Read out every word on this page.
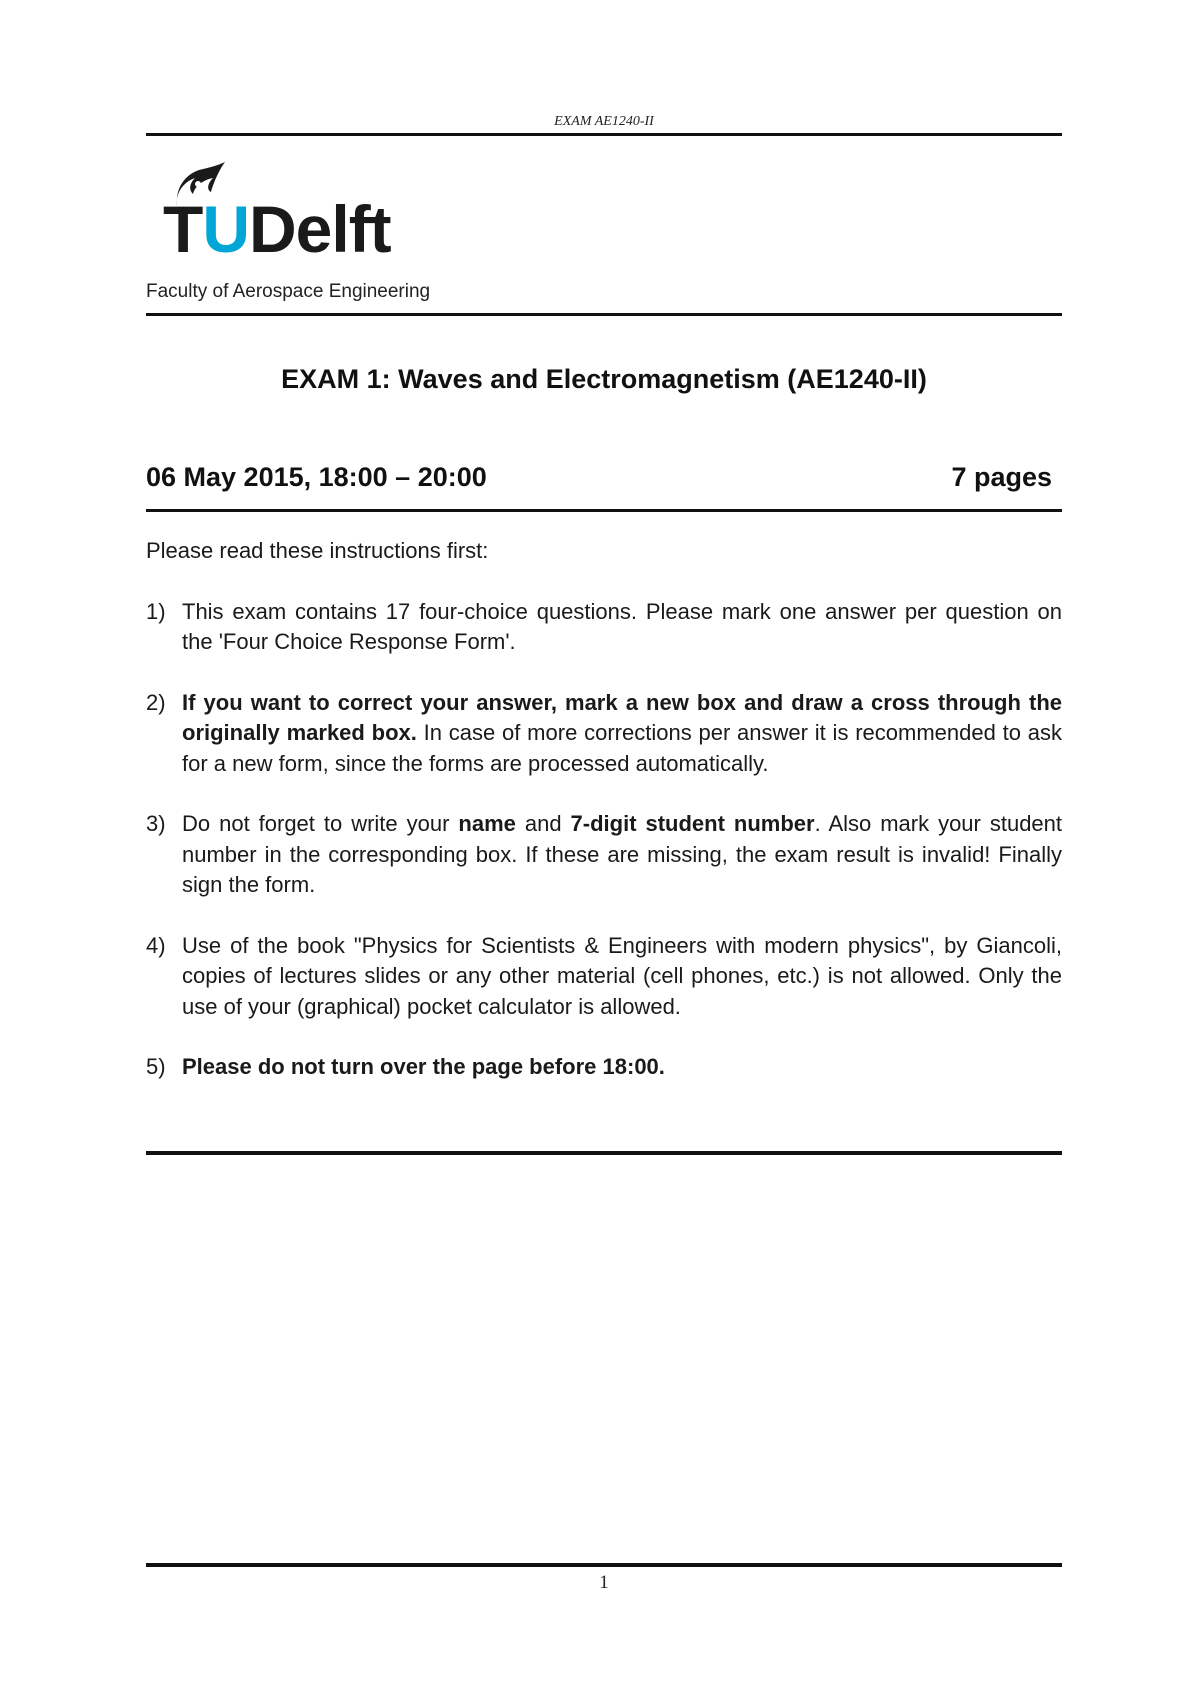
EXAM AE1240-II
TUDelft
Faculty of Aerospace Engineering
EXAM 1: Waves and Electromagnetism (AE1240-II)
06 May 2015, 18:00 – 20:00	7 pages

Please read these instructions first:

1) This exam contains 17 four-choice questions. Please mark one answer per question on the 'Four Choice Response Form'.
2) If you want to correct your answer, mark a new box and draw a cross through the originally marked box. In case of more corrections per answer it is recommended to ask for a new form, since the forms are processed automatically.
3) Do not forget to write your name and 7-digit student number. Also mark your student number in the corresponding box. If these are missing, the exam result is invalid! Finally sign the form.
4) Use of the book "Physics for Scientists & Engineers with modern physics", by Giancoli, copies of lectures slides or any other material (cell phones, etc.) is not allowed. Only the use of your (graphical) pocket calculator is allowed.
5) Please do not turn over the page before 18:00.
1
